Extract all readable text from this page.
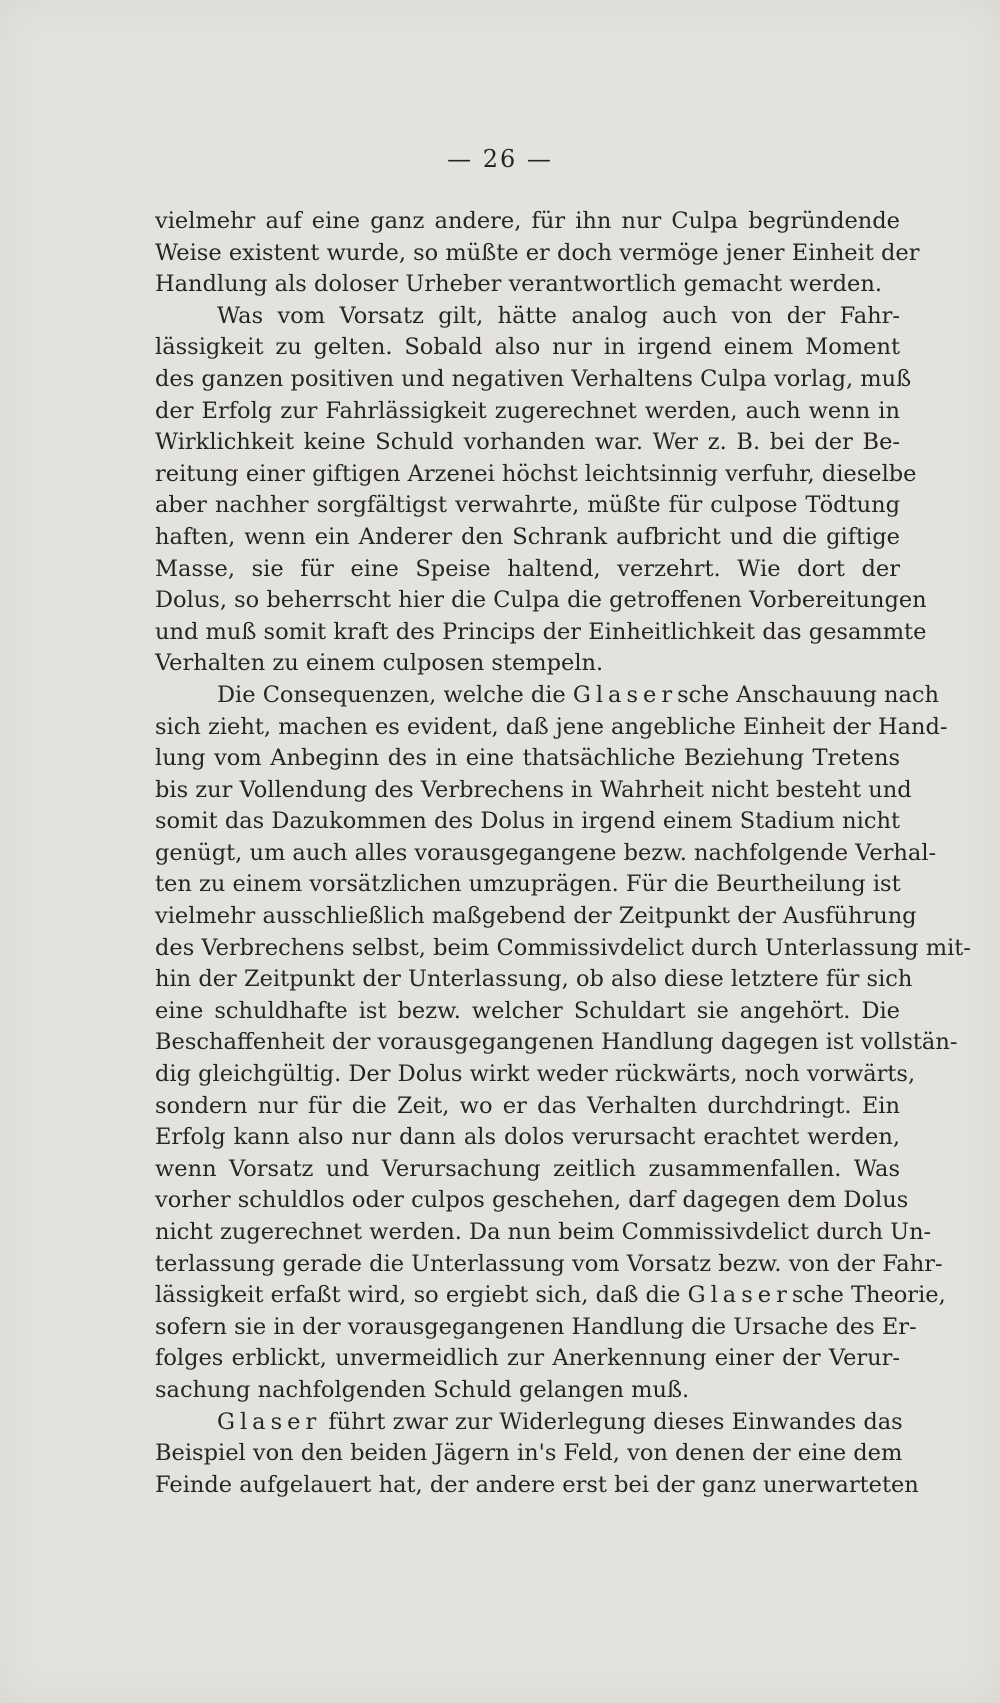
— 26 —
vielmehr auf eine ganz andere, für ihn nur Culpa begründende
Weise existent wurde, so müßte er doch vermöge jener Einheit der
Handlung als doloser Urheber verantwortlich gemacht werden.
Was vom Vorsatz gilt, hätte analog auch von der Fahr-
lässigkeit zu gelten. Sobald also nur in irgend einem Moment
des ganzen positiven und negativen Verhaltens Culpa vorlag, muß
der Erfolg zur Fahrlässigkeit zugerechnet werden, auch wenn in
Wirklichkeit keine Schuld vorhanden war. Wer z. B. bei der Be-
reitung einer giftigen Arzenei höchst leichtsinnig verfuhr, dieselbe
aber nachher sorgfältigst verwahrte, müßte für culpose Tödtung
haften, wenn ein Anderer den Schrank aufbricht und die giftige
Masse, sie für eine Speise haltend, verzehrt. Wie dort der
Dolus, so beherrscht hier die Culpa die getroffenen Vorbereitungen
und muß somit kraft des Princips der Einheitlichkeit das gesammte
Verhalten zu einem culposen stempeln.
Die Consequenzen, welche die Glasersche Anschauung nach
sich zieht, machen es evident, daß jene angebliche Einheit der Hand-
lung vom Anbeginn des in eine thatsächliche Beziehung Tretens
bis zur Vollendung des Verbrechens in Wahrheit nicht besteht und
somit das Dazukommen des Dolus in irgend einem Stadium nicht
genügt, um auch alles vorausgegangene bezw. nachfolgende Verhal-
ten zu einem vorsätzlichen umzuprägen. Für die Beurtheilung ist
vielmehr ausschließlich maßgebend der Zeitpunkt der Ausführung
des Verbrechens selbst, beim Commissivdelict durch Unterlassung mit-
hin der Zeitpunkt der Unterlassung, ob also diese letztere für sich
eine schuldhafte ist bezw. welcher Schuldart sie angehört. Die
Beschaffenheit der vorausgegangenen Handlung dagegen ist vollstän-
dig gleichgültig. Der Dolus wirkt weder rückwärts, noch vorwärts,
sondern nur für die Zeit, wo er das Verhalten durchdringt. Ein
Erfolg kann also nur dann als dolos verursacht erachtet werden,
wenn Vorsatz und Verursachung zeitlich zusammenfallen. Was
vorher schuldlos oder culpos geschehen, darf dagegen dem Dolus
nicht zugerechnet werden. Da nun beim Commissivdelict durch Un-
terlassung gerade die Unterlassung vom Vorsatz bezw. von der Fahr-
lässigkeit erfaßt wird, so ergiebt sich, daß die Glasersche Theorie,
sofern sie in der vorausgegangenen Handlung die Ursache des Er-
folges erblickt, unvermeidlich zur Anerkennung einer der Verur-
sachung nachfolgenden Schuld gelangen muß.
Glaser führt zwar zur Widerlegung dieses Einwandes das
Beispiel von den beiden Jägern in's Feld, von denen der eine dem
Feinde aufgelauert hat, der andere erst bei der ganz unerwarteten
